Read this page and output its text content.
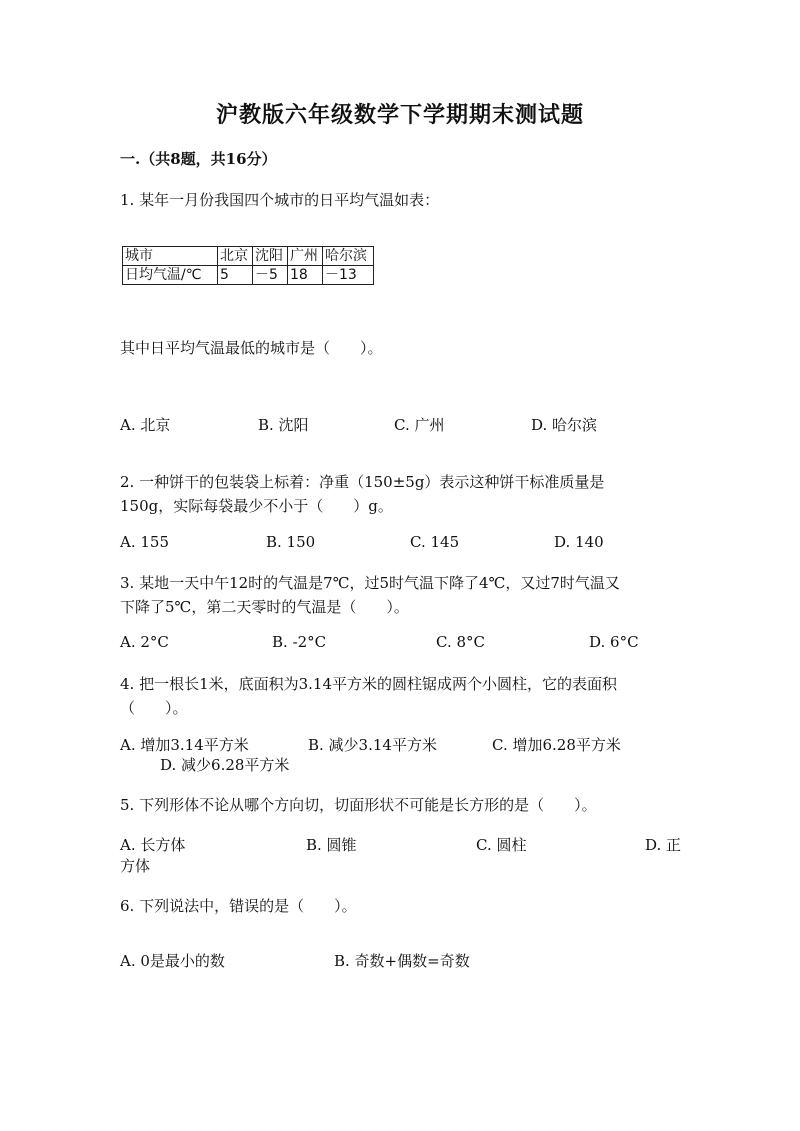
沪教版六年级数学下学期期末测试题
一.（共8题，共16分）
1. 某年一月份我国四个城市的日平均气温如表：
城市	北京	沈阳	广州	哈尔滨
日均气温/℃	5	－5	18	－13
其中日平均气温最低的城市是（　　）。
A. 北京	B. 沈阳	C. 广州	D. 哈尔滨
2. 一种饼干的包装袋上标着：净重（150±5g）表示这种饼干标准质量是
150g，实际每袋最少不小于（　　）g。
A. 155	B. 150	C. 145	D. 140
3. 某地一天中午12时的气温是7℃，过5时气温下降了4℃，又过7时气温又
下降了5℃，第二天零时的气温是（　　）。
A. 2°C	B. -2°C	C. 8°C	D. 6°C
4. 把一根长1米，底面积为3.14平方米的圆柱锯成两个小圆柱，它的表面积
（　　）。
A. 增加3.14平方米	B. 减少3.14平方米	C. 增加6.28平方米
D. 减少6.28平方米
5. 下列形体不论从哪个方向切，切面形状不可能是长方形的是（　　）。
A. 长方体	B. 圆锥	C. 圆柱	D. 正
方体
6. 下列说法中，错误的是（　　）。
A. 0是最小的数	B. 奇数+偶数=奇数
